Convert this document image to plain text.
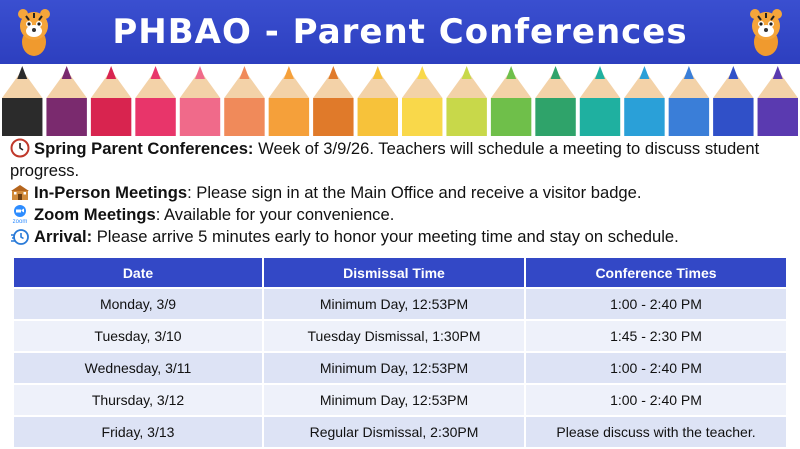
PHBAO - Parent Conferences
Spring Parent Conferences: Week of 3/9/26. Teachers will schedule a meeting to discuss student progress.
In-Person Meetings: Please sign in at the Main Office and receive a visitor badge.
zoom Zoom Meetings: Available for your convenience.
Arrival: Please arrive 5 minutes early to honor your meeting time and stay on schedule.
Date	Dismissal Time	Conference Times
Monday, 3/9	Minimum Day, 12:53PM	1:00 - 2:40 PM
Tuesday, 3/10	Tuesday Dismissal, 1:30PM	1:45 - 2:30 PM
Wednesday, 3/11	Minimum Day, 12:53PM	1:00 - 2:40 PM
Thursday, 3/12	Minimum Day, 12:53PM	1:00 - 2:40 PM
Friday, 3/13	Regular Dismissal, 2:30PM	Please discuss with the teacher.
